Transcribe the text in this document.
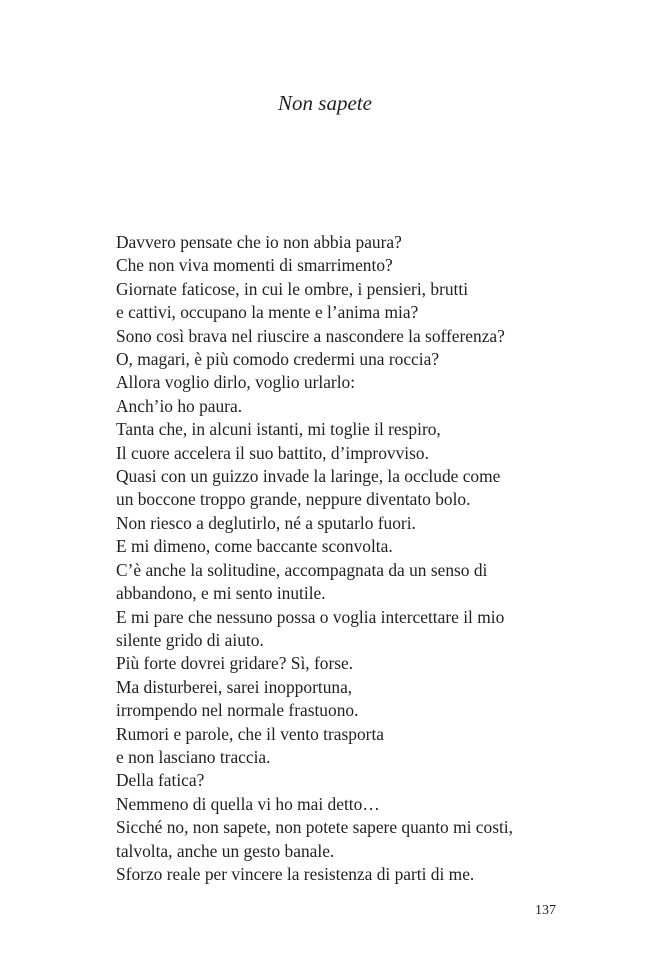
Non sapete
Davvero pensate che io non abbia paura?
Che non viva momenti di smarrimento?
Giornate faticose, in cui le ombre, i pensieri, brutti
e cattivi, occupano la mente e l’anima mia?
Sono così brava nel riuscire a nascondere la sofferenza?
O, magari, è più comodo credermi una roccia?
Allora voglio dirlo, voglio urlarlo:
Anch’io ho paura.
Tanta che, in alcuni istanti, mi toglie il respiro,
Il cuore accelera il suo battito, d’improvviso.
Quasi con un guizzo invade la laringe, la occlude come
un boccone troppo grande, neppure diventato bolo.
Non riesco a deglutirlo, né a sputarlo fuori.
E mi dimeno, come baccante sconvolta.
C’è anche la solitudine, accompagnata da un senso di
abbandono, e mi sento inutile.
E mi pare che nessuno possa o voglia intercettare il mio
silente grido di aiuto.
Più forte dovrei gridare? Sì, forse.
Ma disturberei, sarei inopportuna,
irrompendo nel normale frastuono.
Rumori e parole, che il vento trasporta
e non lasciano traccia.
Della fatica?
Nemmeno di quella vi ho mai detto…
Sicché no, non sapete, non potete sapere quanto mi costi,
talvolta, anche un gesto banale.
Sforzo reale per vincere la resistenza di parti di me.
137
